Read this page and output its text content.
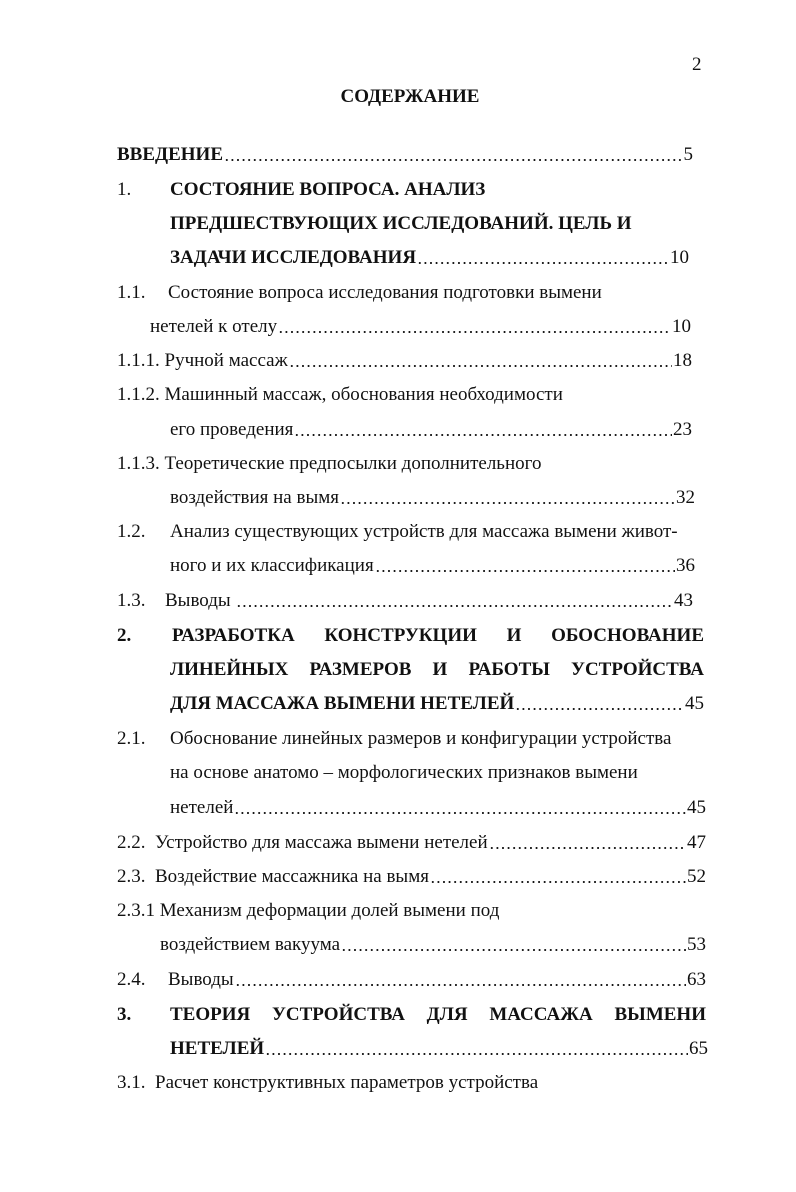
2
СОДЕРЖАНИЕ
ВВЕДЕНИЕ	5
1. СОСТОЯНИЕ ВОПРОСА. АНАЛИЗ
ПРЕДШЕСТВУЮЩИХ ИССЛЕДОВАНИЙ. ЦЕЛЬ И
ЗАДАЧИ ИССЛЕДОВАНИЯ	10
1.1. Состояние вопроса исследования подготовки вымени
нетелей к отелу	10
1.1.1.
Ручной массаж	18
1.1.2.
Машинный массаж, обоснования необходимости
его проведения	23
1.1.3.
Теоретические предпосылки дополнительного
воздействия на вымя	32
1.2. Анализ существующих устройств для массажа вымени живот-
ного и их классификация	36
1.3. Выводы
	43
2. РАЗРАБОТКА КОНСТРУКЦИИ И ОБОСНОВАНИЕ
ЛИНЕЙНЫХ РАЗМЕРОВ И РАБОТЫ УСТРОЙСТВА
ДЛЯ МАССАЖА ВЫМЕНИ НЕТЕЛЕЙ	45
2.1. Обоснование линейных размеров и конфигурации устройства
на основе анатомо – морфологических признаков вымени
нетелей	45
2.2.
Устройство для массажа вымени нетелей	47
2.3.
Воздействие массажника на вымя	52
2.3.1
Механизм деформации долей вымени под
воздействием вакуума	53
2.4. Выводы	63
3. ТЕОРИЯ УСТРОЙСТВА ДЛЯ МАССАЖА ВЫМЕНИ
НЕТЕЛЕЙ	65
3.1.
Расчет конструктивных параметров устройства
